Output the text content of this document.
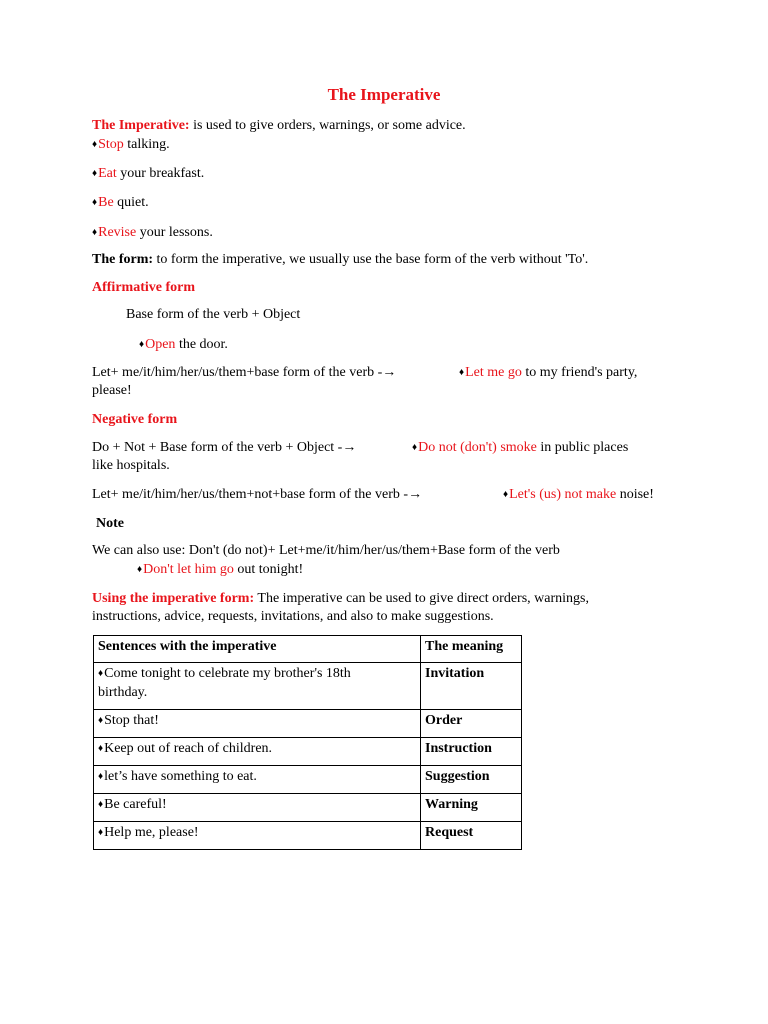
The Imperative
The Imperative: is used to give orders, warnings, or some advice.
♦Stop talking.
♦Eat your breakfast.
♦Be quiet.
♦Revise your lessons.
The form: to form the imperative, we usually use the base form of the verb without 'To'.
Affirmative form
Base form of the verb + Object
♦Open the door.
Let+ me/it/him/her/us/them+base form of the verb -→	♦Let me go to my friend's party,
please!
Negative form
Do + Not + Base form of the verb + Object -→	♦Do not (don't) smoke in public places
like hospitals.
Let+ me/it/him/her/us/them+not+base form of the verb -→	♦Let's (us) not make noise!
Note
We can also use: Don't (do not)+ Let+me/it/him/her/us/them+Base form of the verb
♦Don't let him go out tonight!
Using the imperative form: The imperative can be used to give direct orders, warnings,
instructions, advice, requests, invitations, and also to make suggestions.
Sentences with the imperative	The meaning
♦Come tonight to celebrate my brother's 18th
birthday.	Invitation
♦Stop that!	Order
♦Keep out of reach of children.	Instruction
♦let’s have something to eat.	Suggestion
♦Be careful!	Warning
♦Help me, please!	Request
